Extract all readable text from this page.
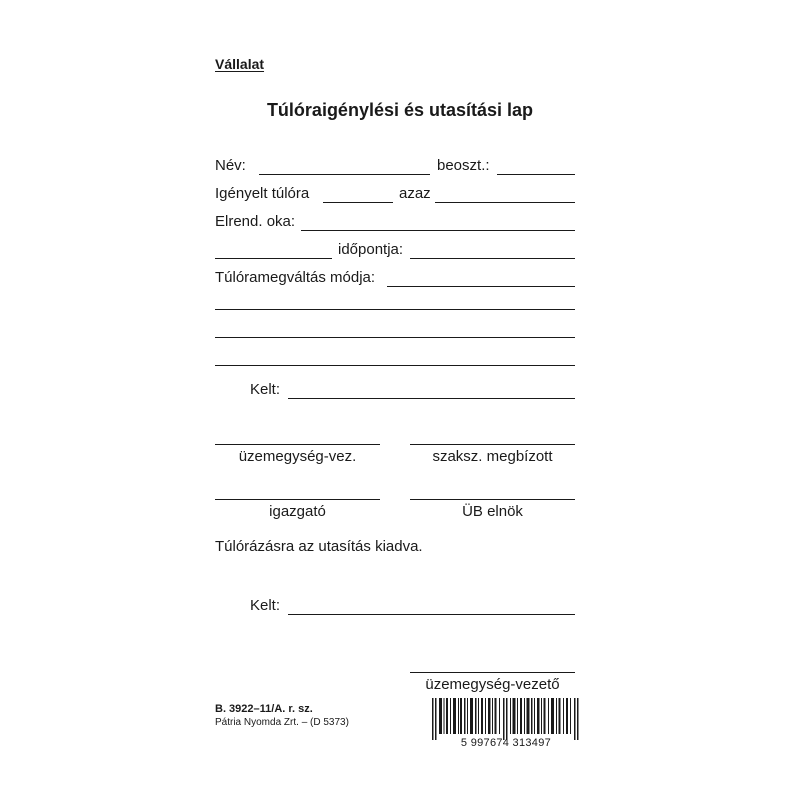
Vállalat
Túlóraigénylési és utasítási lap
Név:	beoszt.:
Igényelt túlóra	azaz
Elrend. oka:
időpontja:
Túlóramegváltás módja:
Kelt:
üzemegység-vez.	szaksz. megbízott
igazgató	ÜB elnök
Túlórázásra az utasítás kiadva.
Kelt:
üzemegység-vezető
B. 3922–11/A. r. sz.
Pátria Nyomda Zrt. – (D 5373)
5 997674 313497
